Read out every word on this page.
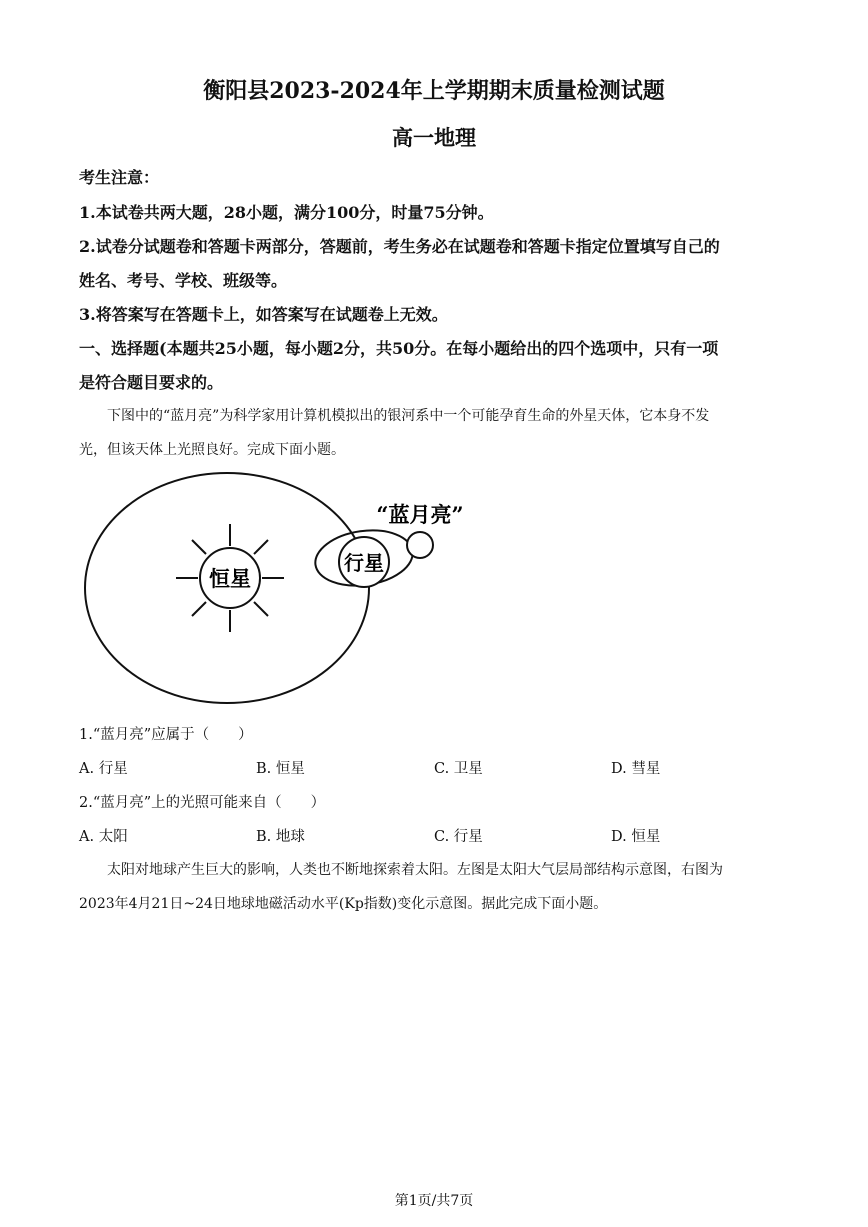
衡阳县2023-2024年上学期期末质量检测试题
高一地理
考生注意：
1.本试卷共两大题，28小题，满分100分，时量75分钟。
2.试卷分试题卷和答题卡两部分，答题前，考生务必在试题卷和答题卡指定位置填写自己的
姓名、考号、学校、班级等。
3.将答案写在答题卡上，如答案写在试题卷上无效。
一、选择题(本题共25小题，每小题2分，共50分。在每小题给出的四个选项中，只有一项
是符合题目要求的。
下图中的“蓝月亮”为科学家用计算机模拟出的银河系中一个可能孕育生命的外星天体，它本身不发
光，但该天体上光照良好。完成下面小题。
恒星
行星
“蓝月亮”
1.“蓝月亮”应属于（　　）
A. 行星	B. 恒星	C. 卫星	D. 彗星
2.“蓝月亮”上的光照可能来自（　　）
A. 太阳	B. 地球	C. 行星	D. 恒星
太阳对地球产生巨大的影响，人类也不断地探索着太阳。左图是太阳大气层局部结构示意图，右图为
2023年4月21日~24日地球地磁活动水平(Kp指数)变化示意图。据此完成下面小题。
第1页/共7页
